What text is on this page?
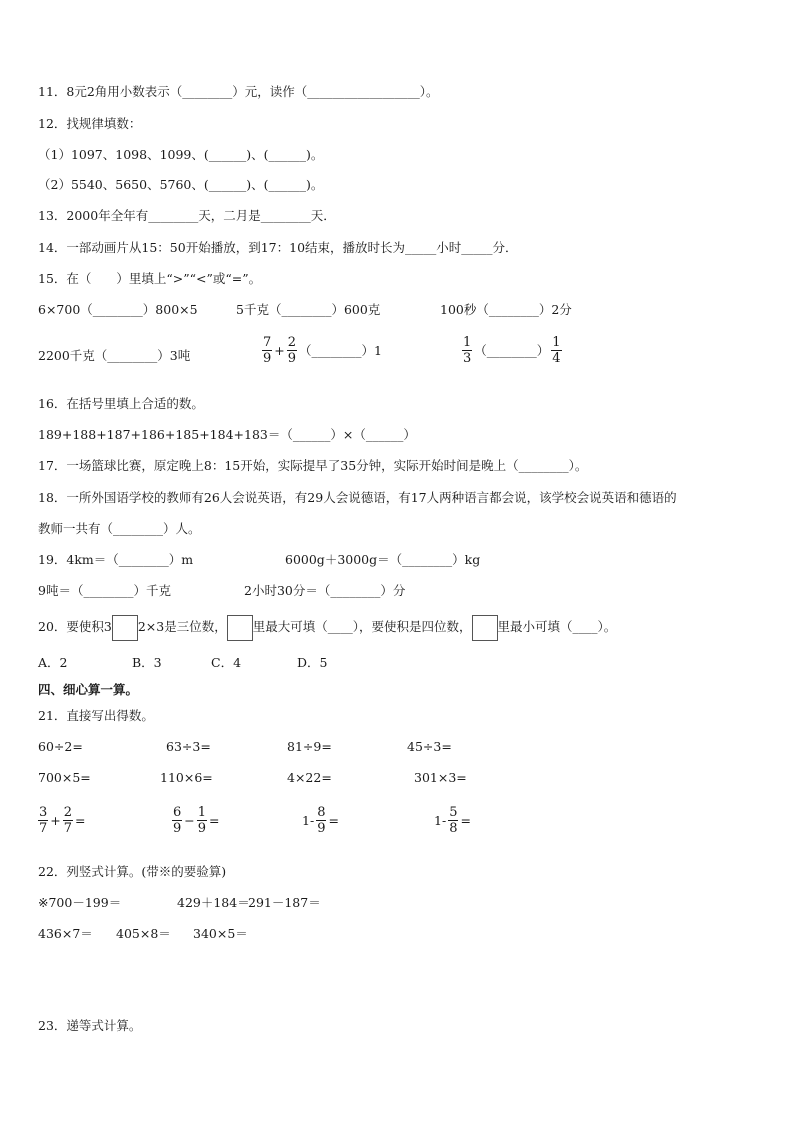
11．8元2角用小数表示（________）元，读作（__________________）。
12．找规律填数：
（1）1097、1098、1099、(______)、(______)。
（2）5540、5650、5760、(______)、(______)。
13．2000年全年有________天，二月是________天．
14．一部动画片从15：50开始播放，到17：10结束，播放时长为_____小时_____分．
15．在（　　）里填上“>”“<”或“=”。
6×700（________）800×5	5千克（________）600克	100秒（________）2分
2200千克（________）3吨	$\frac{7}{9} + \frac{2}{9}$ （________）1	$\frac{1}{3}$ （________） $\frac{1}{4}$
16．在括号里填上合适的数。
189+188+187+186+185+184+183＝（______）×（______）
17．一场篮球比赛，原定晚上8：15开始，实际提早了35分钟，实际开始时间是晚上（________）。
18．一所外国语学校的教师有26人会说英语，有29人会说德语，有17人两种语言都会说，该学校会说英语和德语的
教师一共有（________）人。
19．4km＝（________）m	6000g＋3000g＝（________）kg
9吨＝（________）千克	2小时30分＝（________）分
20．要使积3 2×3是三位数， 里最大可填（____），要使积是四位数， 里最小可填（____）。
A．2	B．3	C．4	D．5
四、细心算一算。
21．直接写出得数。
60÷2=	63÷3=	81÷9=	45÷3=
700×5=	110×6=	4×22=	301×3=
$\frac{3}{7} + \frac{2}{7}$ =	$\frac{6}{9} - \frac{1}{9}$ =	$1- \frac{8}{9}$ =	$1- \frac{5}{8}$ =
22．列竖式计算。(带※的要验算)
※700－199＝	429＋184＝
291－187＝
436×7＝ 405×8＝ 340×5＝
23．递等式计算。
